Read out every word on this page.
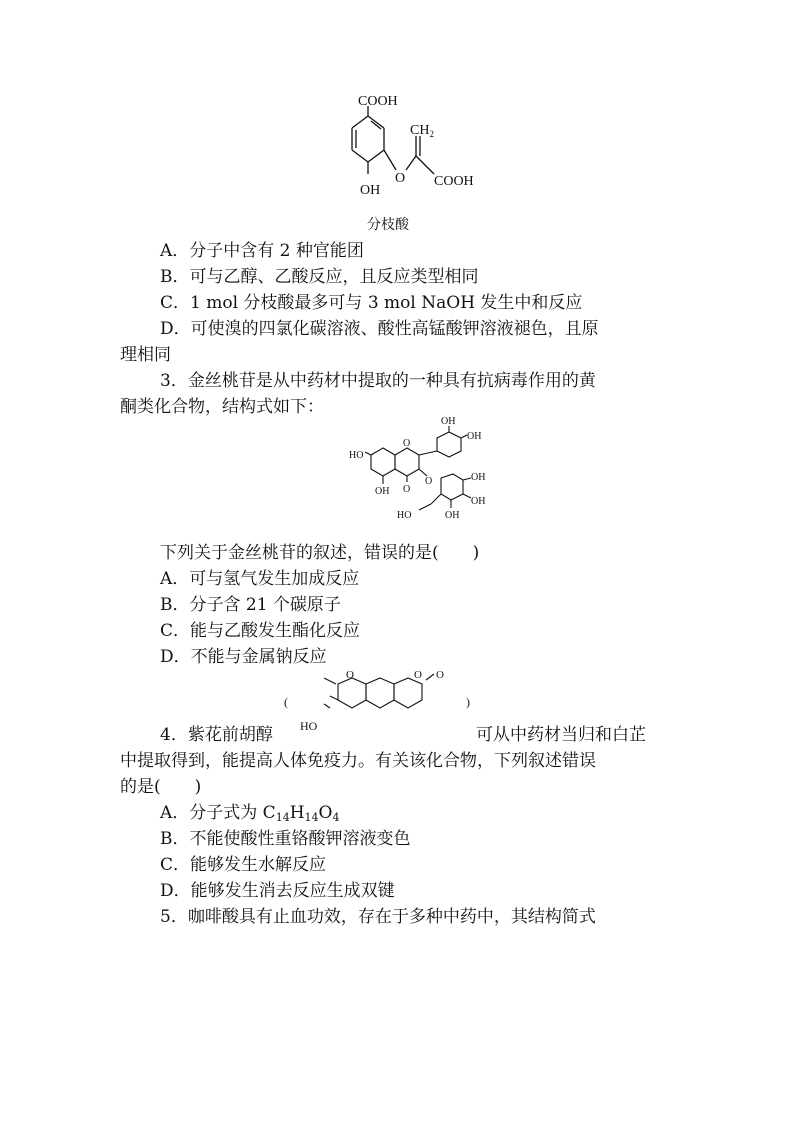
COOH
$CH_2$
O COOH
OH
分枝酸
A．分子中含有 2 种官能团
B．可与乙醇、乙酸反应，且反应类型相同
C．1 mol 分枝酸最多可与 3 mol NaOH 发生中和反应
D．可使溴的四氯化碳溶液、酸性高锰酸钾溶液褪色，且原
理相同
3．金丝桃苷是从中药材中提取的一种具有抗病毒作用的黄
酮类化合物，结构式如下：
OH
OH
HO
O
OH O
O	OH
OH
OH
HO
下列关于金丝桃苷的叙述，错误的是(　　)
A．可与氢气发生加成反应
B．分子含 21 个碳原子
C．能与乙酸发生酯化反应
D．不能与金属钠反应
(
O	O O
HO
)
4．紫花前胡醇	可从中药材当归和白芷
中提取得到，能提高人体免疫力。有关该化合物，下列叙述错误
的是(　　)
A．分子式为 $C_{14}H_{14}O_4$
B．不能使酸性重铬酸钾溶液变色
C．能够发生水解反应
D．能够发生消去反应生成双键
5．咖啡酸具有止血功效，存在于多种中药中，其结构简式
